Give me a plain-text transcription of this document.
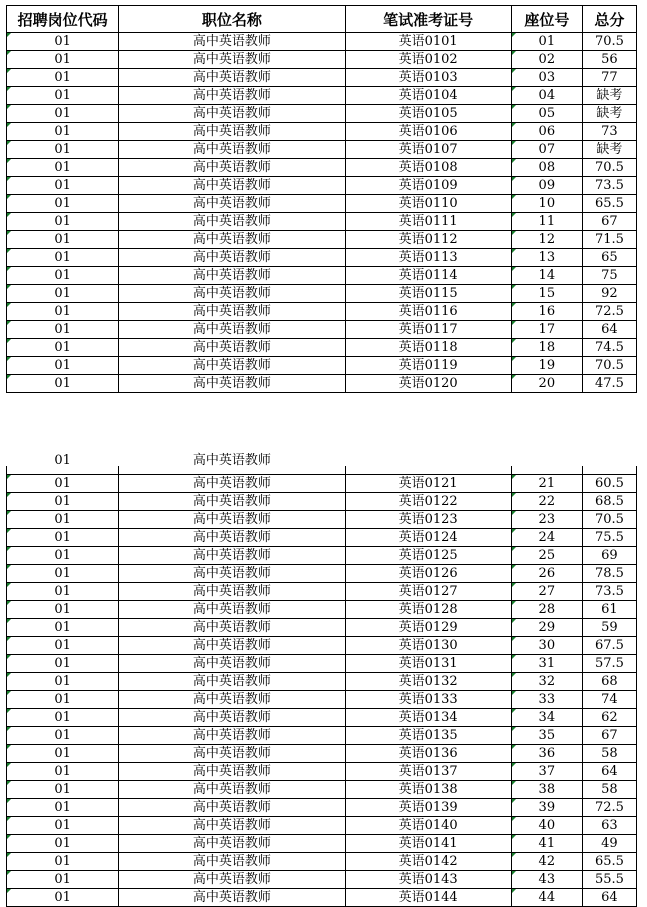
招聘岗位代码	职位名称	笔试准考证号	座位号	总分

01	高中英语教师	英语0101	01	70.5

01	高中英语教师	英语0102	02	56

01	高中英语教师	英语0103	03	77

01	高中英语教师	英语0104	04	缺考

01	高中英语教师	英语0105	05	缺考

01	高中英语教师	英语0106	06	73

01	高中英语教师	英语0107	07	缺考

01	高中英语教师	英语0108	08	70.5

01	高中英语教师	英语0109	09	73.5

01	高中英语教师	英语0110	10	65.5

01	高中英语教师	英语0111	11	67

01	高中英语教师	英语0112	12	71.5

01	高中英语教师	英语0113	13	65

01	高中英语教师	英语0114	14	75

01	高中英语教师	英语0115	15	92

01	高中英语教师	英语0116	16	72.5

01	高中英语教师	英语0117	17	64

01	高中英语教师	英语0118	18	74.5

01	高中英语教师	英语0119	19	70.5

01	高中英语教师	英语0120	20	47.5
01	高中英语教师			

01	高中英语教师	英语0121	21	60.5

01	高中英语教师	英语0122	22	68.5

01	高中英语教师	英语0123	23	70.5

01	高中英语教师	英语0124	24	75.5

01	高中英语教师	英语0125	25	69

01	高中英语教师	英语0126	26	78.5

01	高中英语教师	英语0127	27	73.5

01	高中英语教师	英语0128	28	61

01	高中英语教师	英语0129	29	59

01	高中英语教师	英语0130	30	67.5

01	高中英语教师	英语0131	31	57.5

01	高中英语教师	英语0132	32	68

01	高中英语教师	英语0133	33	74

01	高中英语教师	英语0134	34	62

01	高中英语教师	英语0135	35	67

01	高中英语教师	英语0136	36	58

01	高中英语教师	英语0137	37	64

01	高中英语教师	英语0138	38	58

01	高中英语教师	英语0139	39	72.5

01	高中英语教师	英语0140	40	63

01	高中英语教师	英语0141	41	49

01	高中英语教师	英语0142	42	65.5

01	高中英语教师	英语0143	43	55.5

01	高中英语教师	英语0144	44	64
